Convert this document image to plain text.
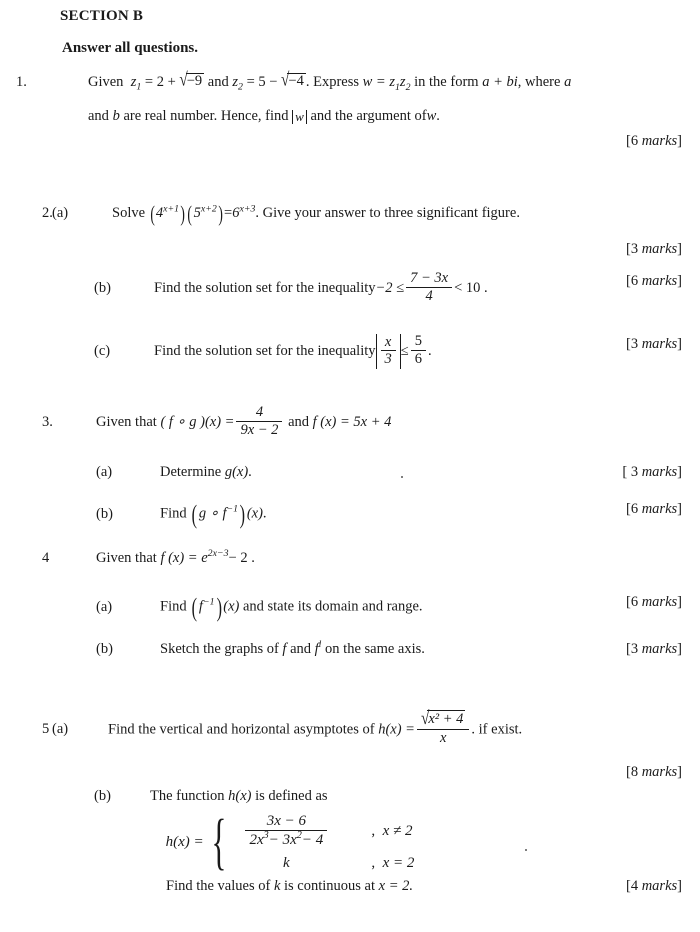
SECTION B
Answer all questions.
1.	Given $z_1 = 2 + √-9$ and $z_2 = 5 - √-4$ . Express $w = z_1z_2$ in the form a + bi, where a
and b are real number. Hence, find w and the argument ofw.
[6 marks]
2. (a)	Solve $(4^{x+1})$ $(5^{x+2})=6^{x+3}$. Give your answer to three significant figure.
[3 marks]
(b)	Find the solution set for the inequality−2 ≤ $\frac{7 - 3x}{4} < 10$ .	[6 marks]
(c)	Find the solution set for the inequality $\frac{x}{3} \le \frac{5}{6}$ .	[3 marks]
3.	Given that ( f ∘ g )$(x) = \frac{4}{9x - 2}$ and f (x) = 5x + 4
(a)	Determine g(x).	[ 3 marks]
(b)	Find ( g ∘ $f^{-1}$) (x).	[6 marks]
4	Given that f $(x) = e^{2x-3}- 2$ .
(a)	Find ( $f^{-1}$) (x) and state its domain and range.	[6 marks]
(b)	Sketch the graphs of f and $f^l$ on the same axis.	[3 marks]
5 (a)	Find the vertical and horizontal asymptotes of $h(x) = \frac{\text{√x² + 4}}{x}$ . if exist.
[8 marks]
(b)	The function h(x) is defined as
h(x) = { $\frac{3x - 6}{2x^3- 3x^2- 4}$	, x ≠ 2
k	, x = 2
Find the values of k is continuous at x = 2.	[4 marks]
